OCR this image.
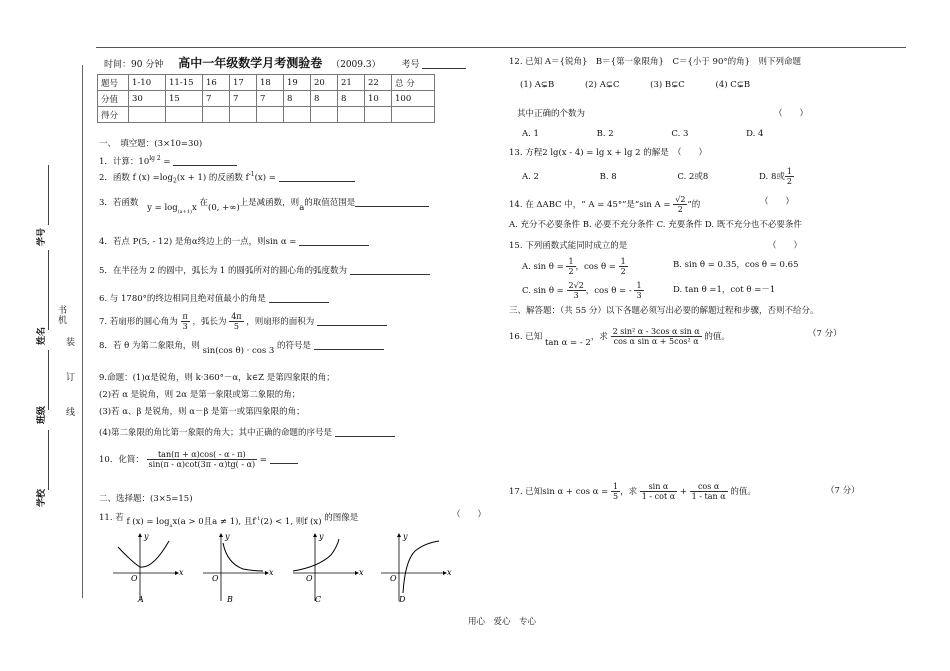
时间：90 分钟 高中一年级数学月考测验卷 （2009.3） 考号
学号
姓名
班级
学校
书
机
装
订
线
题号	1-10	11-15	16	17	18	19	20	21	22	总 分
分值	30	15	7	7	7	8	8	8	10	100
得分										
一、　填空题：(3×10=30)
1．计算：$10^{lg 2}$ =
2．函数 f $(x) =\log_2(x + 1)$ 的反函数 $f^{-1}(x)$ =
3．若函数 $y = \log_{(a+1)}x$ 在(0, +∞)上是减函数，则a的取值范围是
4．若点 P(5, - 12) 是角α终边上的一点，则sin α =
5．在半径为 2 的圆中，弧长为 1 的圆弧所对的圆心角的弧度数为
6. 与 1780°的终边相同且绝对值最小的角是
7. 若扇形的圆心角为 $\frac{\pi}{3}$ ，弧长为 $\frac{4\pi}{5}$ ，则扇形的面积为
8．若 θ 为第二象限角，则 sin(cos θ) · cos 3 的符号是
9.命题：(1)α是锐角，则 k·360°－α，k∈Z 是第四象限的角；
(2)若 α 是锐角，则 2α 是第一象限或第二象限的角；
(3)若 α、β 是锐角，则 α－β 是第一或第四象限的角；
(4)第二象限的角比第一象限的角大；其中正确的命题的序号是
10．化简： $\frac{\tan(\pi + \alpha)\cos( - \alpha - \pi)}{\sin(\pi - \alpha)\cot(3\pi - \alpha)tg( - \alpha)}$ =
二、选择题：(3×5=15)
11. 若 f $(x) = \log_ax(a > 0$且a ≠ 1), 且$f^{-1}(2) < 1$, 则f (x) 的图像是	（　　）
y
x
O
A
y
x
O
B
y
x
O
C
y
x
O
D
12. 已知 A＝{锐角}　B＝{第一象限角}　C＝{小于 90°的角}　则下列命题
(1) A⊊B	(2) A⊊C	(3) B⊊C	(4) C⊊B
其中正确的个数为	（　　）
A. 1	B. 2	C. 3	D. 4
13. 方程2 lg(x - 4) = lg x + lg 2 的解是　（　　）
A. 2	B. 8	C. 2或8	D. 8或 $\frac{1}{2}$
14. 在 ΔABC 中，“ A = 45°”是“sin $A = \frac{√2}{2}$ ”的	（　　）
A. 充分不必要条件 B. 必要不充分条件 C. 充要条件 D. 既不充分也不必要条件
15. 下列函数式能同时成立的是	（　　）
A. $\sin \theta = \frac{1}{2}$ ，$\cos \theta = \frac{1}{2}$	B. sin θ = 0.35，cos θ = 0.65
C. $\sin \theta = \frac{2√2}{3}$ ，cos θ = - $\frac{1}{3}$	D. tan θ =1，cot θ =－1
三、解答题：（共 55 分）以下各题必须写出必要的解题过程和步骤，否则不给分。
16. 已知 tan α = - 2，求 $\frac{\text{2 sin² α - 3cos α sin α}}{\text{cos α sin α + 5cos² α}}$ 的值。	（7 分）
17. 已知$\sin \alpha + \cos \alpha = \frac{1}{5}$ ，求 $\frac{\text{sin α}}{\text{1 - cot α}} + \frac{\text{cos α}}{\text{1 - tan α}}$ 的值。	（7 分）
用心　爱心　专心
